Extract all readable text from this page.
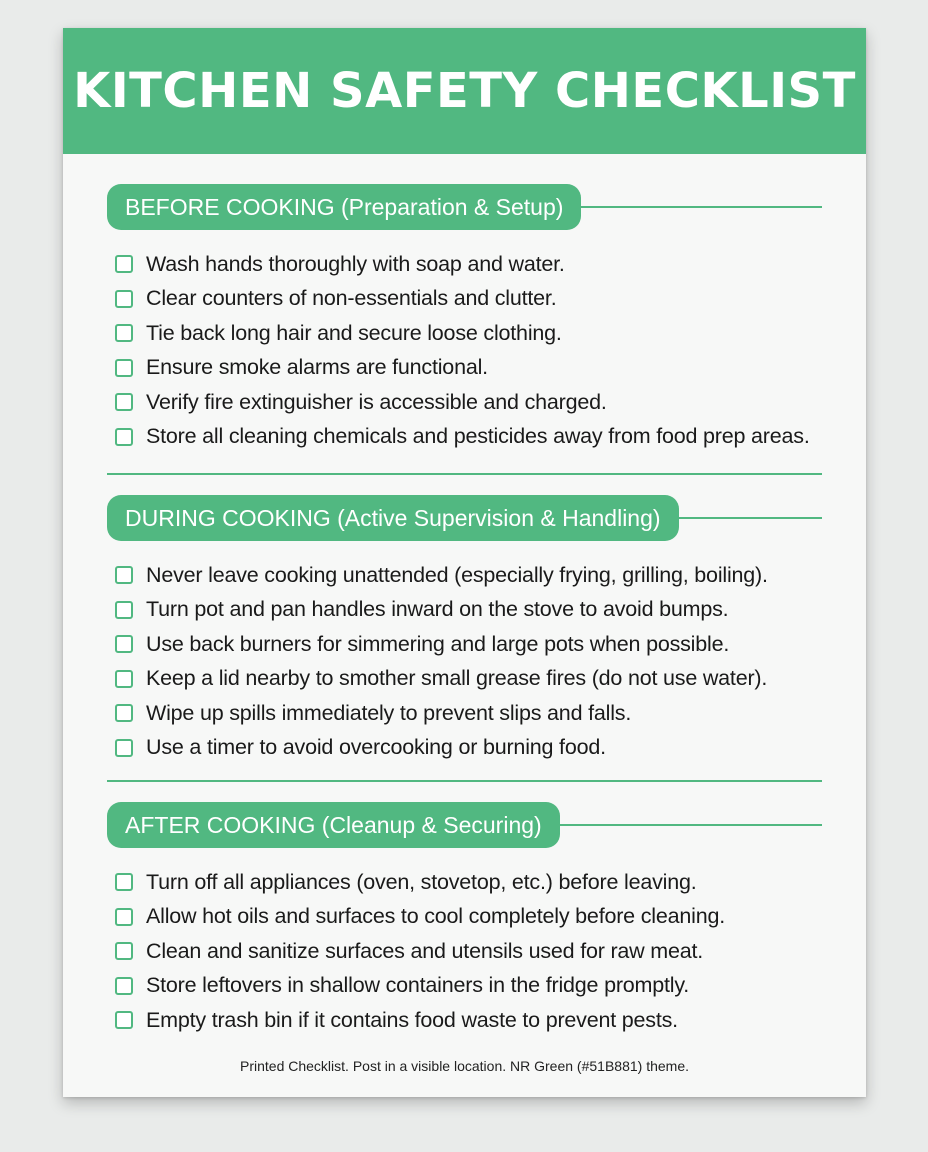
KITCHEN SAFETY CHECKLIST
BEFORE COOKING (Preparation & Setup)
Wash hands thoroughly with soap and water.
Clear counters of non-essentials and clutter.
Tie back long hair and secure loose clothing.
Ensure smoke alarms are functional.
Verify fire extinguisher is accessible and charged.
Store all cleaning chemicals and pesticides away from food prep areas.
DURING COOKING (Active Supervision & Handling)
Never leave cooking unattended (especially frying, grilling, boiling).
Turn pot and pan handles inward on the stove to avoid bumps.
Use back burners for simmering and large pots when possible.
Keep a lid nearby to smother small grease fires (do not use water).
Wipe up spills immediately to prevent slips and falls.
Use a timer to avoid overcooking or burning food.
AFTER COOKING (Cleanup & Securing)
Turn off all appliances (oven, stovetop, etc.) before leaving.
Allow hot oils and surfaces to cool completely before cleaning.
Clean and sanitize surfaces and utensils used for raw meat.
Store leftovers in shallow containers in the fridge promptly.
Empty trash bin if it contains food waste to prevent pests.
Printed Checklist. Post in a visible location. NR Green (#51B881) theme.
